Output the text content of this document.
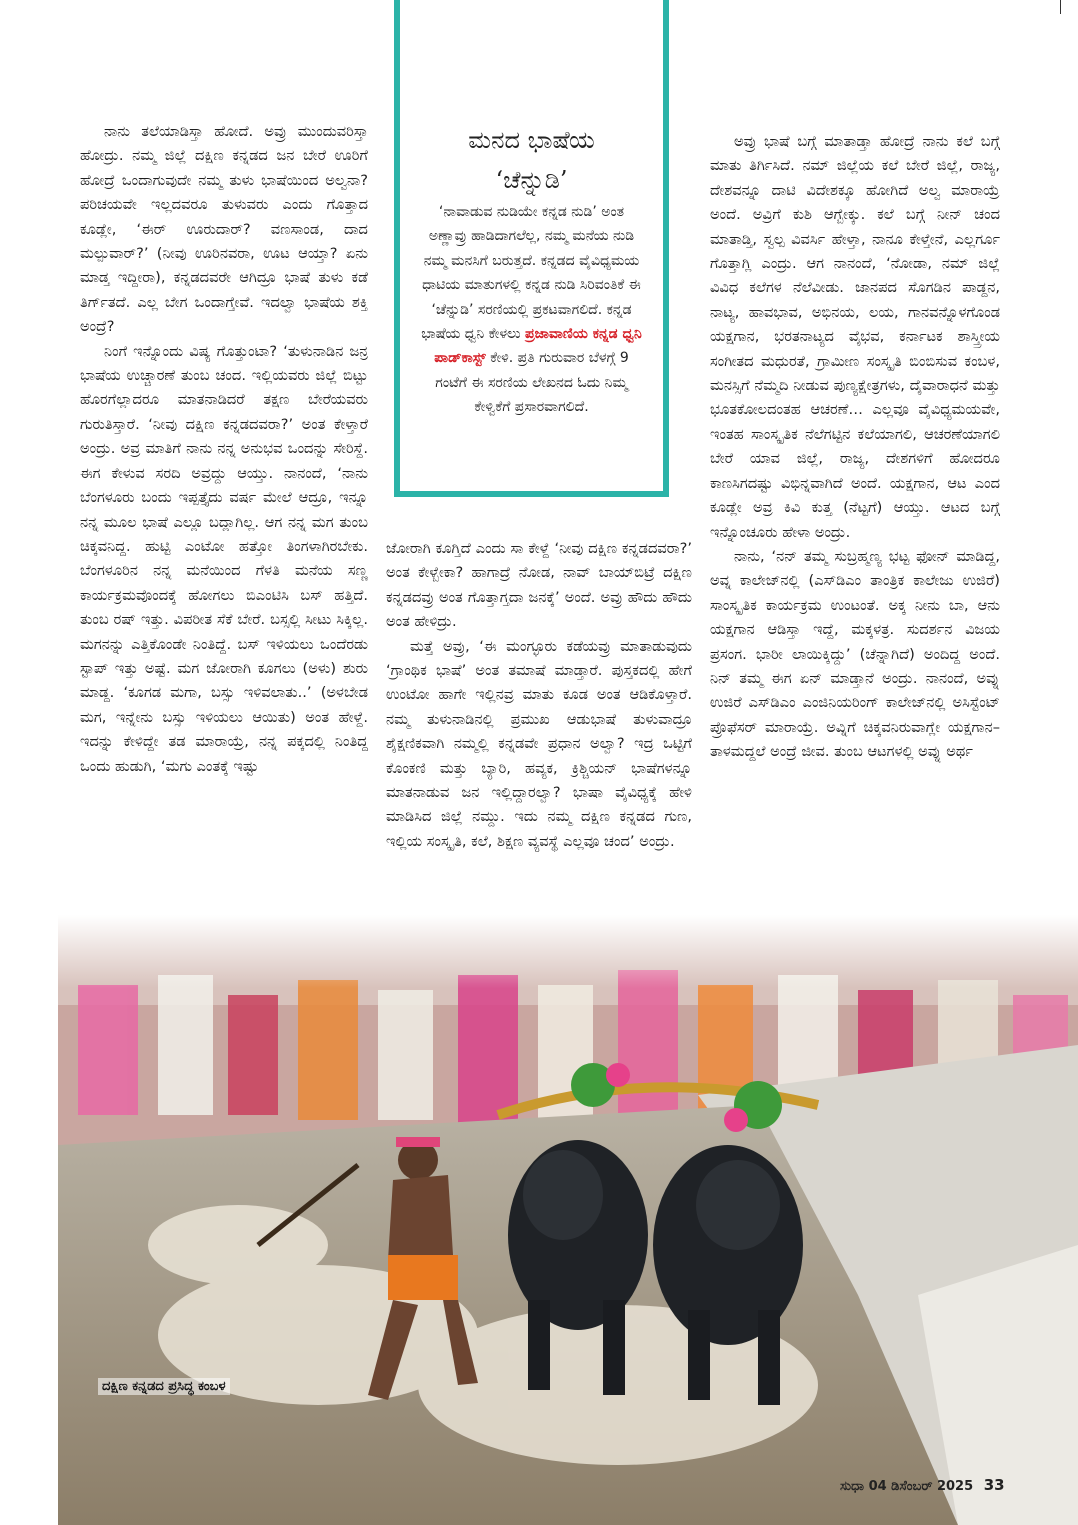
ನಾನು ತಲೆಯಾಡಿಸ್ತಾ ಹೋದೆ. ಅವ್ರು ಮುಂದುವರಿಸ್ತಾ ಹೋದ್ರು. ನಮ್ಮ ಜಿಲ್ಲೆ ದಕ್ಷಿಣ ಕನ್ನಡದ ಜನ ಬೇರೆ ಊರಿಗೆ ಹೋದ್ರೆ ಒಂದಾಗುವುದೇ ನಮ್ಮ ತುಳು ಭಾಷೆಯಿಂದ ಅಲ್ವನಾ? ಪರಿಚಯವೇ ಇಲ್ಲದವರೂ ತುಳುವರು ಎಂದು ಗೊತ್ತಾದ ಕೂಡ್ಲೇ, ‘ಈರ್ ಊರುದಾರ್? ವಣಸಾಂಡ, ದಾದ ಮಲ್ಪುವಾರ್?’ (ನೀವು ಊರಿನವರಾ, ಊಟ ಆಯ್ತಾ? ಏನು ಮಾಡ್ತ ಇದ್ದೀರಾ), ಕನ್ನಡದವರೇ ಆಗಿದ್ರೂ ಭಾಷೆ ತುಳು ಕಡೆ ತಿರ್ಗ್‌ತದೆ. ಎಲ್ಲ ಬೇಗ ಒಂದಾಗ್ತೇವೆ. ಇದಲ್ವಾ ಭಾಷೆಯ ಶಕ್ತಿ ಅಂದ್ರೆ?

ನಿಂಗೆ ಇನ್ನೊಂದು ವಿಷ್ಯ ಗೊತ್ತುಂಟಾ? ‘ತುಳುನಾಡಿನ ಜನ್ರ ಭಾಷೆಯ ಉಚ್ಚಾರಣೆ ತುಂಬ ಚಂದ. ಇಲ್ಲಿಯವರು ಜಿಲ್ಲೆ ಬಿಟ್ಟು ಹೊರಗೆಲ್ಲಾದರೂ ಮಾತನಾಡಿದರೆ ತಕ್ಷಣ ಬೇರೆಯವರು ಗುರುತಿಸ್ತಾರೆ. ‘ನೀವು ದಕ್ಷಿಣ ಕನ್ನಡದವರಾ?’ ಅಂತ ಕೇಳ್ತಾರೆ ಅಂದ್ರು. ಅವ್ರ ಮಾತಿಗೆ ನಾನು ನನ್ನ ಅನುಭವ ಒಂದನ್ನು ಸೇರಿಸ್ದೆ. ಈಗ ಕೇಳುವ ಸರದಿ ಅವ್ರದ್ದು ಆಯ್ತು. ನಾನಂದೆ, ‘ನಾನು ಬೆಂಗಳೂರು ಬಂದು ಇಪ್ಪತ್ತೈದು ವರ್ಷ ಮೇಲೆ ಆದ್ರೂ, ಇನ್ನೂ ನನ್ನ ಮೂಲ ಭಾಷೆ ಎಲ್ಲೂ ಬದ್ಲಾಗಿಲ್ಲ. ಆಗ ನನ್ನ ಮಗ ತುಂಬ ಚಿಕ್ಕವನಿದ್ದ. ಹುಟ್ಟಿ ಎಂಟೋ ಹತ್ತೋ ತಿಂಗಳಾಗಿರಬೇಕು. ಬೆಂಗಳೂರಿನ ನನ್ನ ಮನೆಯಿಂದ ಗೆಳತಿ ಮನೆಯ ಸಣ್ಣ ಕಾರ್ಯಕ್ರಮವೊಂದಕ್ಕೆ ಹೋಗಲು ಬಿಎಂಟಿಸಿ ಬಸ್ ಹತ್ತಿದೆ. ತುಂಬ ರಷ್ ಇತ್ತು. ವಿಪರೀತ ಸೆಕೆ ಬೇರೆ. ಬಸ್ಸಲ್ಲಿ ಸೀಟು ಸಿಕ್ಕಿಲ್ಲ. ಮಗನನ್ನು ಎತ್ತಿಕೊಂಡೇ ನಿಂತಿದ್ದೆ. ಬಸ್ ಇಳಿಯಲು ಒಂದೆರಡು ಸ್ಟಾಪ್ ಇತ್ತು ಅಷ್ಟೆ. ಮಗ ಜೋರಾಗಿ ಕೂಗಲು (ಅಳು) ಶುರು ಮಾಡ್ದ. ‘ಕೂಗಡ ಮಗಾ, ಬಸ್ಸು ಇಳಿವಲಾತು..’ (ಅಳಬೇಡ ಮಗ, ಇನ್ನೇನು ಬಸ್ಸು ಇಳಿಯಲು ಆಯಿತು) ಅಂತ ಹೇಳ್ದೆ. ಇದನ್ನು ಕೇಳಿದ್ದೇ ತಡ ಮಾರಾಯ್ರೆ, ನನ್ನ ಪಕ್ಕದಲ್ಲಿ ನಿಂತಿದ್ದ ಒಂದು ಹುಡುಗಿ, ‘ಮಗು ಎಂತಕ್ಕೆ ಇಷ್ಟು

ಮನದ ಭಾಷೆಯ
‘ಚೆನ್ನುಡಿ’
‘ನಾವಾಡುವ ನುಡಿಯೇ ಕನ್ನಡ ನುಡಿ’ ಅಂತ ಅಣ್ಣಾವ್ರು ಹಾಡಿದಾಗಲೆಲ್ಲ, ನಮ್ಮ ಮನೆಯ ನುಡಿ ನಮ್ಮ ಮನಸಿಗೆ ಬರುತ್ತದೆ. ಕನ್ನಡದ ವೈವಿಧ್ಯಮಯ ಧಾಟಿಯ ಮಾತುಗಳಲ್ಲಿ ಕನ್ನಡ ನುಡಿ ಸಿರಿವಂತಿಕೆ ಈ ‘ಚೆನ್ನುಡಿ’ ಸರಣಿಯಲ್ಲಿ ಪ್ರಕಟವಾಗಲಿದೆ. ಕನ್ನಡ ಭಾಷೆಯ ಧ್ವನಿ ಕೇಳಲು ಪ್ರಜಾವಾಣಿಯ ಕನ್ನಡ ಧ್ವನಿ ಪಾಡ್‌ಕಾಸ್ಟ್ ಕೇಳಿ. ಪ್ರತಿ ಗುರುವಾರ ಬೆಳಗ್ಗೆ 9 ಗಂಟೆಗೆ ಈ ಸರಣಿಯ ಲೇಖನದ ಓದು ನಿಮ್ಮ ಕೇಳ್ವಿಕೆಗೆ ಪ್ರಸಾರವಾಗಲಿದೆ.

ಜೋರಾಗಿ ಕೂಗ್ತಿದೆ ಎಂದು ಸಾ ಕೇಳ್ದೆ ‘ನೀವು ದಕ್ಷಿಣ ಕನ್ನಡದವರಾ?’ ಅಂತ ಕೇಳ್ಬೇಕಾ? ಹಾಗಾದ್ರೆ ನೋಡ, ನಾವ್ ಬಾಯ್‌ಬಿಟ್ರೆ ದಕ್ಷಿಣ ಕನ್ನಡದವ್ರು ಅಂತ ಗೊತ್ತಾಗ್ತದಾ ಜನಕ್ಕೆ’ ಅಂದೆ. ಅವ್ರು ಹೌದು ಹೌದು ಅಂತ ಹೇಳಿದ್ರು.

ಮತ್ತೆ ಅವ್ರು, ‘ಈ ಮಂಗ್ಳೂರು ಕಡೆಯವ್ರು ಮಾತಾಡುವುದು ‘ಗ್ರಾಂಥಿಕ ಭಾಷೆ’ ಅಂತ ತಮಾಷೆ ಮಾಡ್ತಾರೆ. ಪುಸ್ತಕದಲ್ಲಿ ಹೇಗೆ ಉಂಟೋ ಹಾಗೇ ಇಲ್ಲಿನವ್ರ ಮಾತು ಕೂಡ ಅಂತ ಆಡಿಕೊಳ್ತಾರೆ. ನಮ್ಮ ತುಳುನಾಡಿನಲ್ಲಿ ಪ್ರಮುಖ ಆಡುಭಾಷೆ ತುಳುವಾದ್ರೂ ಶೈಕ್ಷಣಿಕವಾಗಿ ನಮ್ಮಲ್ಲಿ ಕನ್ನಡವೇ ಪ್ರಧಾನ ಅಲ್ವಾ? ಇದ್ರ ಒಟ್ಟಿಗೆ ಕೊಂಕಣಿ ಮತ್ತು ಬ್ಯಾರಿ, ಹವ್ಯಕ, ಕ್ರಿಶ್ಚಿಯನ್ ಭಾಷೆಗಳನ್ನೂ ಮಾತನಾಡುವ ಜನ ಇಲ್ಲಿದ್ದಾರಲ್ವಾ? ಭಾಷಾ ವೈವಿಧ್ಯಕ್ಕೆ ಹೇಳಿ ಮಾಡಿಸಿದ ಜಿಲ್ಲೆ ನಮ್ದು. ಇದು ನಮ್ಮ ದಕ್ಷಿಣ ಕನ್ನಡದ ಗುಣ, ಇಲ್ಲಿಯ ಸಂಸ್ಕೃತಿ, ಕಲೆ, ಶಿಕ್ಷಣ ವ್ಯವಸ್ಥೆ ಎಲ್ಲವೂ ಚಂದ’ ಅಂದ್ರು.

ಅವ್ರು ಭಾಷೆ ಬಗ್ಗೆ ಮಾತಾಡ್ತಾ ಹೋದ್ರೆ ನಾನು ಕಲೆ ಬಗ್ಗೆ ಮಾತು ತಿರ್ಗಿಸಿದೆ. ನಮ್ ಜಿಲ್ಲೆಯ ಕಲೆ ಬೇರೆ ಜಿಲ್ಲೆ, ರಾಜ್ಯ, ದೇಶವನ್ನೂ ದಾಟಿ ವಿದೇಶಕ್ಕೂ ಹೋಗಿದೆ ಅಲ್ವ ಮಾರಾಯ್ರೆ ಅಂದೆ. ಅವ್ರಿಗೆ ಕುಶಿ ಆಗ್ಬೇಕ್ಕು. ಕಲೆ ಬಗ್ಗೆ ನೀನ್ ಚಂದ ಮಾತಾಡ್ತಿ, ಸ್ವಲ್ಪ ವಿವರ್ಸಿ ಹೇಳ್ತಾ, ನಾನೂ ಕೇಳ್ತೇನೆ, ಎಲ್ಲರ್ಗೂ ಗೊತ್ತಾಗ್ಲಿ ಎಂದ್ರು. ಆಗ ನಾನಂದೆ, ‘ನೋಡಾ, ನಮ್ ಜಿಲ್ಲೆ ವಿವಿಧ ಕಲೆಗಳ ನೆಲೆವೀಡು. ಜಾನಪದ ಸೊಗಡಿನ ಪಾಡ್ದನ, ನಾಟ್ಯ, ಹಾವಭಾವ, ಅಭಿನಯ, ಲಯ, ಗಾನವನ್ನೊಳಗೊಂಡ ಯಕ್ಷಗಾನ, ಭರತನಾಟ್ಯದ ವೈಭವ, ಕರ್ನಾಟಕ ಶಾಸ್ತ್ರೀಯ ಸಂಗೀತದ ಮಧುರತೆ, ಗ್ರಾಮೀಣ ಸಂಸ್ಕೃತಿ ಬಿಂಬಿಸುವ ಕಂಬಳ, ಮನಸ್ಸಿಗೆ ನೆಮ್ಮದಿ ನೀಡುವ ಪುಣ್ಯಕ್ಷೇತ್ರಗಳು, ದೈವಾರಾಧನೆ ಮತ್ತು ಭೂತಕೋಲದಂತಹ ಆಚರಣೆ… ಎಲ್ಲವೂ ವೈವಿಧ್ಯಮಯವೇ, ಇಂತಹ ಸಾಂಸ್ಕೃತಿಕ ನೆಲೆಗಟ್ಟಿನ ಕಲೆಯಾಗಲಿ, ಆಚರಣೆಯಾಗಲಿ ಬೇರೆ ಯಾವ ಜಿಲ್ಲೆ, ರಾಜ್ಯ, ದೇಶಗಳಿಗೆ ಹೋದರೂ ಕಾಣಸಿಗದಷ್ಟು ವಿಭಿನ್ನವಾಗಿದೆ ಅಂದೆ. ಯಕ್ಷಗಾನ, ಆಟ ಎಂದ ಕೂಡ್ಲೇ ಅವ್ರ ಕಿವಿ ಕುತ್ತ (ನೆಟ್ಟಗೆ) ಆಯ್ತು. ಆಟದ ಬಗ್ಗೆ ಇನ್ನೊಂಚೂರು ಹೇಳಾ ಅಂದ್ರು.

ನಾನು, ‘ನನ್ ತಮ್ಮ ಸುಬ್ರಹ್ಮಣ್ಯ ಭಟ್ಟ ಫೋನ್ ಮಾಡಿದ್ದ, ಅವ್ನ ಕಾಲೇಜ್‌ನಲ್ಲಿ (ಎಸ್‌ಡಿಎಂ ತಾಂತ್ರಿಕ ಕಾಲೇಜು ಉಜಿರೆ) ಸಾಂಸ್ಕೃತಿಕ ಕಾರ್ಯಕ್ರಮ ಉಂಟಂತೆ. ಅಕ್ಕ ನೀನು ಬಾ, ಆನು ಯಕ್ಷಗಾನ ಆಡಿಸ್ತಾ ಇದ್ದೆ, ಮಕ್ಕಳತ್ರ. ಸುದರ್ಶನ ವಿಜಯ ಪ್ರಸಂಗ. ಭಾರೀ ಲಾಯಿಕ್ಕಿದ್ದು’ (ಚೆನ್ನಾಗಿದೆ) ಅಂದಿದ್ದ ಅಂದೆ. ನಿನ್ ತಮ್ಮ ಈಗ ಏನ್ ಮಾಡ್ತಾನೆ ಅಂದ್ರು. ನಾನಂದೆ, ಅವ್ನು ಉಜಿರೆ ಎಸ್‌ಡಿಎಂ ಎಂಜಿನಿಯರಿಂಗ್ ಕಾಲೇಜ್‌ನಲ್ಲಿ ಅಸಿಸ್ಟೆಂಟ್ ಪ್ರೊಫೆಸರ್ ಮಾರಾಯ್ರೆ. ಅವ್ನಿಗೆ ಚಿಕ್ಕವನಿರುವಾಗ್ಲೇ ಯಕ್ಷಗಾನ–ತಾಳಮದ್ದಲೆ ಅಂದ್ರೆ ಜೀವ. ತುಂಬ ಆಟಗಳಲ್ಲಿ ಅವ್ನು ಅರ್ಥ

ದಕ್ಷಿಣ ಕನ್ನಡದ ಪ್ರಸಿದ್ಧ ಕಂಬಳ
ಸುಧಾ 04 ಡಿಸೆಂಬರ್ 2025 33
